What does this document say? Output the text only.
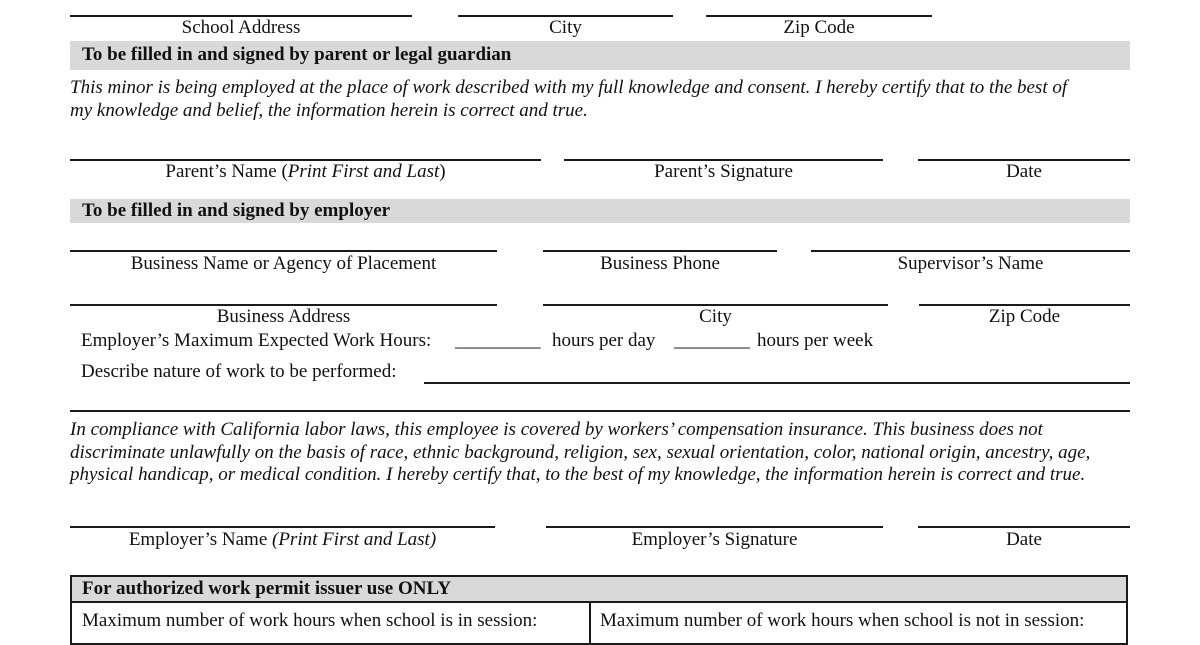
School Address	City	Zip Code
To be filled in and signed by parent or legal guardian
This minor is being employed at the place of work described with my full knowledge and consent. I hereby certify that to the best of
my knowledge and belief, the information herein is correct and true.
Parent’s Name (Print First and Last)	Parent’s Signature	Date
To be filled in and signed by employer
Business Name or Agency of Placement	Business Phone	Supervisor’s Name
Business Address	City	Zip Code
Employer’s Maximum Expected Work Hours: _________ hours per day ________ hours per week
Describe nature of work to be performed:
In compliance with California labor laws, this employee is covered by workers’ compensation insurance. This business does not
discriminate unlawfully on the basis of race, ethnic background, religion, sex, sexual orientation, color, national origin, ancestry, age,
physical handicap, or medical condition. I hereby certify that, to the best of my knowledge, the information herein is correct and true.
Employer’s Name (Print First and Last)	Employer’s Signature	Date
For authorized work permit issuer use ONLY
Maximum number of work hours when school is in session:	Maximum number of work hours when school is not in session:
